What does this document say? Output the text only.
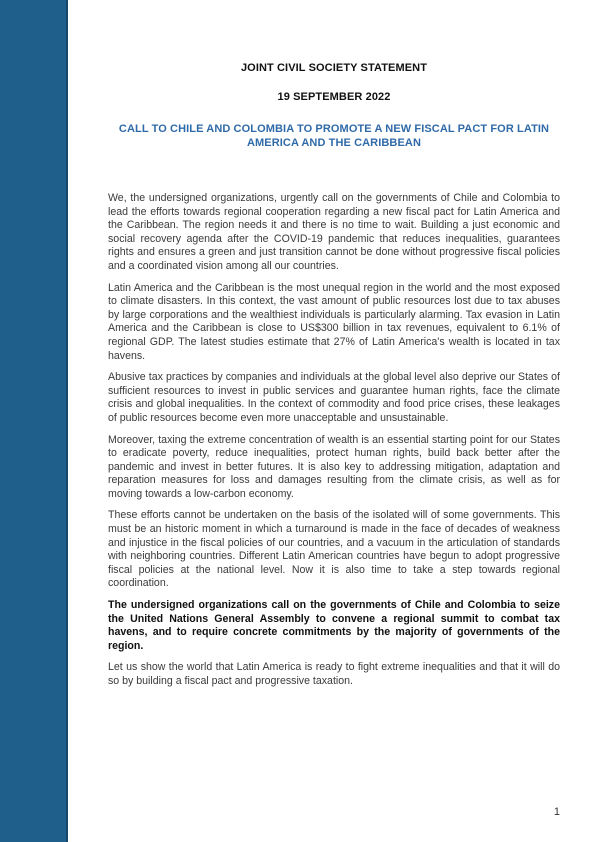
JOINT CIVIL SOCIETY STATEMENT

19 SEPTEMBER 2022

CALL TO CHILE AND COLOMBIA TO PROMOTE A NEW FISCAL PACT FOR LATIN AMERICA AND THE CARIBBEAN

We, the undersigned organizations, urgently call on the governments of Chile and Colombia to lead the efforts towards regional cooperation regarding a new fiscal pact for Latin America and the Caribbean. The region needs it and there is no time to wait. Building a just economic and social recovery agenda after the COVID-19 pandemic that reduces inequalities, guarantees rights and ensures a green and just transition cannot be done without progressive fiscal policies and a coordinated vision among all our countries.

Latin America and the Caribbean is the most unequal region in the world and the most exposed to climate disasters. In this context, the vast amount of public resources lost due to tax abuses by large corporations and the wealthiest individuals is particularly alarming. Tax evasion in Latin America and the Caribbean is close to US$300 billion in tax revenues, equivalent to 6.1% of regional GDP. The latest studies estimate that 27% of Latin America's wealth is located in tax havens.

Abusive tax practices by companies and individuals at the global level also deprive our States of sufficient resources to invest in public services and guarantee human rights, face the climate crisis and global inequalities. In the context of commodity and food price crises, these leakages of public resources become even more unacceptable and unsustainable.

Moreover, taxing the extreme concentration of wealth is an essential starting point for our States to eradicate poverty, reduce inequalities, protect human rights, build back better after the pandemic and invest in better futures. It is also key to addressing mitigation, adaptation and reparation measures for loss and damages resulting from the climate crisis, as well as for moving towards a low-carbon economy.

These efforts cannot be undertaken on the basis of the isolated will of some governments. This must be an historic moment in which a turnaround is made in the face of decades of weakness and injustice in the fiscal policies of our countries, and a vacuum in the articulation of standards with neighboring countries. Different Latin American countries have begun to adopt progressive fiscal policies at the national level. Now it is also time to take a step towards regional coordination.

The undersigned organizations call on the governments of Chile and Colombia to seize the United Nations General Assembly to convene a regional summit to combat tax havens, and to require concrete commitments by the majority of governments of the region.

Let us show the world that Latin America is ready to fight extreme inequalities and that it will do so by building a fiscal pact and progressive taxation.

1
